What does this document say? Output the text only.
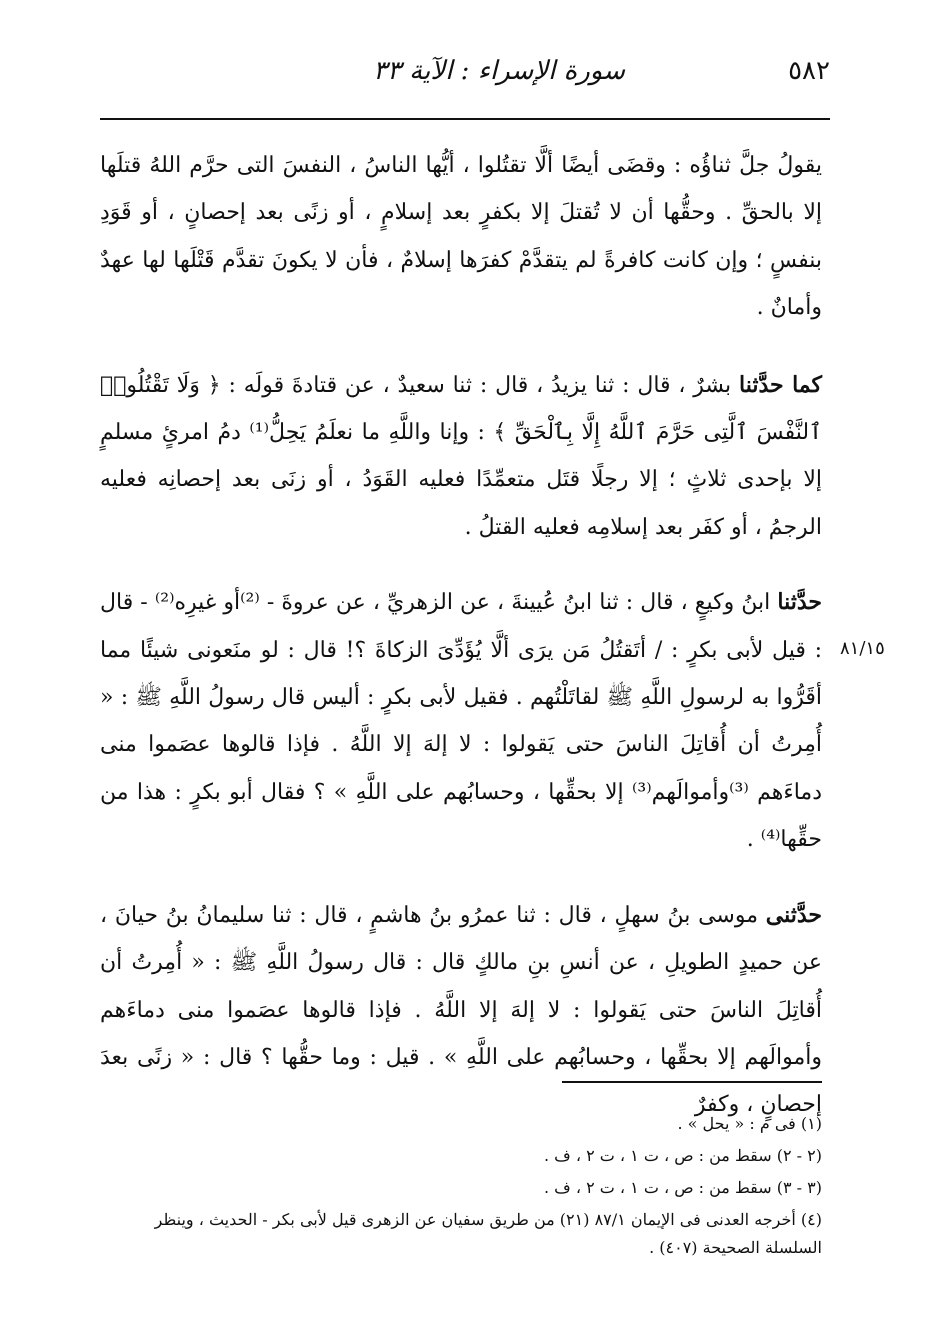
٥٨٢
سورة الإسراء : الآية ٣٣

يقولُ جلَّ ثناؤُه : وقضَى أيضًا ألَّا تقتُلوا ، أيُّها الناسُ ، النفسَ التى حرَّم اللهُ قتلَها إلا بالحقِّ . وحقُّها أن لا تُقتلَ إلا بكفرٍ بعد إسلامٍ ، أو زنًى بعد إحصانٍ ، أو قَوَدِ بنفسٍ ؛ وإن كانت كافرةً لم يتقدَّمْ كفرَها إسلامٌ ، فأن لا يكونَ تقدَّم قَتْلَها لها عهدٌ وأمانٌ .

كما حدَّثنا بشرٌ ، قال : ثنا يزيدُ ، قال : ثنا سعيدٌ ، عن قتادةَ قولَه : ﴿ وَلَا تَقْتُلُوا۟ ٱلنَّفْسَ ٱلَّتِى حَرَّمَ ٱللَّهُ إِلَّا بِٱلْحَقِّ ﴾ : وإنا واللَّهِ ما نعلَمُ يَحِلُّ⁽¹⁾ دمُ امرئٍ مسلمٍ إلا بإحدى ثلاثٍ ؛ إلا رجلًا قتَل متعمِّدًا فعليه القَوَدُ ، أو زنَى بعد إحصانِه فعليه الرجمُ ، أو كفَر بعد إسلامِه فعليه القتلُ .

حدَّثنا ابنُ وكيعٍ ، قال : ثنا ابنُ عُيينةَ ، عن الزهريِّ ، عن عروةَ - ⁽²⁾أو غيرِه⁽²⁾ - قال : قيل لأبى بكرٍ : / أتَقتُلُ مَن يرَى ألَّا يُؤَدِّىَ الزكاةَ ؟! قال : لو منَعونى شيئًا مما أقَرُّوا به لرسولِ اللَّهِ ﷺ لقاتَلْتُهم . فقيل لأبى بكرٍ : أليس قال رسولُ اللَّهِ ﷺ : « أُمِرتُ أن أُقاتِلَ الناسَ حتى يَقولوا : لا إلهَ إلا اللَّهُ . فإذا قالوها عصَموا منى دماءَهم ⁽³⁾وأموالَهم⁽³⁾ إلا بحقِّها ، وحسابُهم على اللَّهِ » ؟ فقال أبو بكرٍ : هذا من حقِّها⁽⁴⁾ .

حدَّثنى موسى بنُ سهلٍ ، قال : ثنا عمرُو بنُ هاشمٍ ، قال : ثنا سليمانُ بنُ حيانَ ، عن حميدٍ الطويلِ ، عن أنسِ بنِ مالكٍ قال : قال رسولُ اللَّهِ ﷺ : « أُمِرتُ أن أُقاتِلَ الناسَ حتى يَقولوا : لا إلهَ إلا اللَّهُ . فإذا قالوها عصَموا منى دماءَهم وأموالَهم إلا بحقِّها ، وحسابُهم على اللَّهِ » . قيل : وما حقُّها ؟ قال : « زنًى بعدَ إحصانٍ ، وكفرٌ

٨١/١٥
(١) فى م : « يحل » .
(٢ - ٢) سقط من : ص ، ت ١ ، ت ٢ ، ف .
(٣ - ٣) سقط من : ص ، ت ١ ، ت ٢ ، ف .
(٤) أخرجه العدنى فى الإيمان ٨٧/١ (٢١) من طريق سفيان عن الزهرى قيل لأبى بكر - الحديث ، وينظر السلسلة الصحيحة (٤٠٧) .
